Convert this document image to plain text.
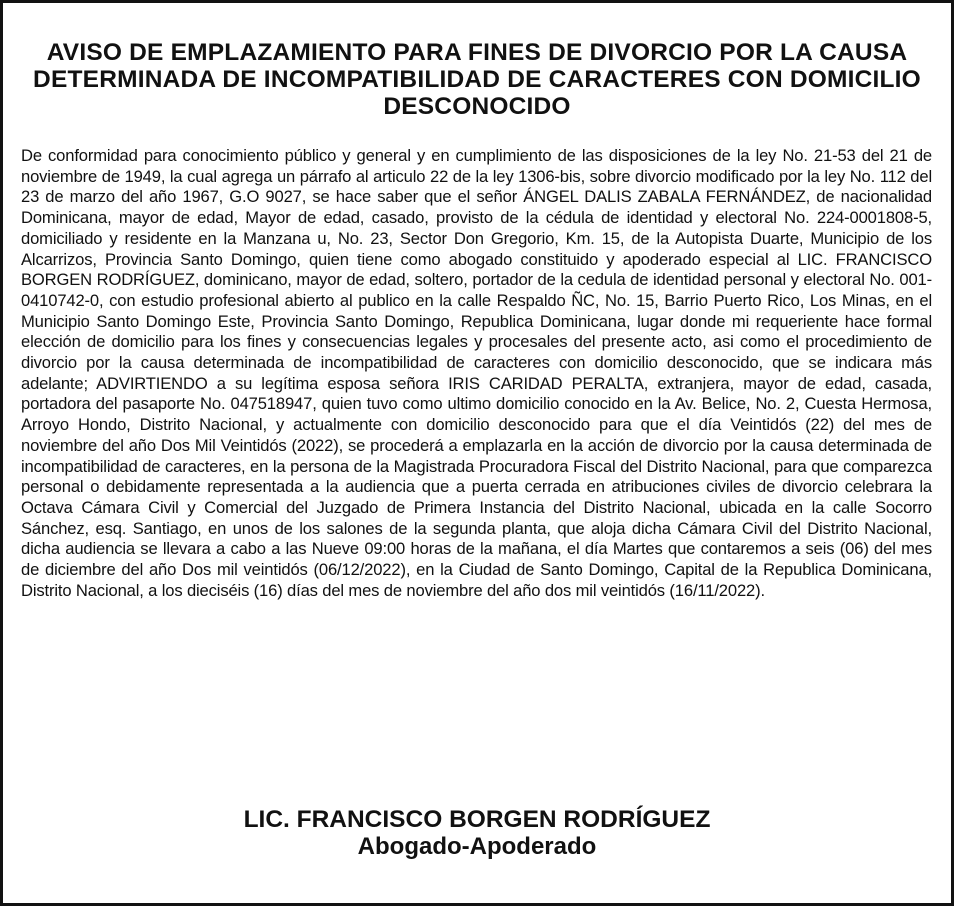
AVISO DE EMPLAZAMIENTO PARA FINES DE DIVORCIO POR LA CAUSA DETERMINADA DE INCOMPATIBILIDAD DE CARACTERES CON DOMICILIO DESCONOCIDO

De conformidad para conocimiento público y general y en cumplimiento de las disposiciones de la ley No. 21-53 del 21 de noviembre de 1949, la cual agrega un párrafo al articulo 22 de la ley 1306-bis, sobre divorcio modificado por la ley No. 112 del 23 de marzo del año 1967, G.O 9027, se hace saber que el señor ÁNGEL DALIS ZABALA FERNÁNDEZ, de nacionalidad Dominicana, mayor de edad, Mayor de edad, casado, provisto de la cédula de identidad y electoral No. 224-0001808-5, domiciliado y residente en la Manzana u, No. 23, Sector Don Gregorio, Km. 15, de la Autopista Duarte, Municipio de los Alcarrizos, Provincia Santo Domingo, quien tiene como abogado constituido y apoderado especial al LIC. FRANCISCO BORGEN RODRÍGUEZ, dominicano, mayor de edad, soltero, portador de la cedula de identidad personal y electoral No. 001-0410742-0, con estudio profesional abierto al publico en la calle Respaldo ÑC, No. 15, Barrio Puerto Rico, Los Minas, en el Municipio Santo Domingo Este, Provincia Santo Domingo, Republica Dominicana, lugar donde mi requeriente hace formal elección de domicilio para los fines y consecuencias legales y procesales del presente acto, asi como el procedimiento de divorcio por la causa determinada de incompatibilidad de caracteres con domicilio desconocido, que se indicara más adelante; ADVIRTIENDO a su legítima esposa señora IRIS CARIDAD PERALTA, extranjera, mayor de edad, casada, portadora del pasaporte No. 047518947, quien tuvo como ultimo domicilio conocido en la Av. Belice, No. 2, Cuesta Hermosa, Arroyo Hondo, Distrito Nacional, y actualmente con domicilio desconocido para que el día Veintidós (22) del mes de noviembre del año Dos Mil Veintidós (2022), se procederá a emplazarla en la acción de divorcio por la causa determinada de incompatibilidad de caracteres, en la persona de la Magistrada Procuradora Fiscal del Distrito Nacional, para que comparezca personal o debidamente representada a la audiencia que a puerta cerrada en atribuciones civiles de divorcio celebrara la Octava Cámara Civil y Comercial del Juzgado de Primera Instancia del Distrito Nacional, ubicada en la calle Socorro Sánchez, esq. Santiago, en unos de los salones de la segunda planta, que aloja dicha Cámara Civil del Distrito Nacional, dicha audiencia se llevara a cabo a las Nueve 09:00 horas de la mañana, el día Martes que contaremos a seis (06) del mes de diciembre del año Dos mil veintidós (06/12/2022), en la Ciudad de Santo Domingo, Capital de la Republica Dominicana, Distrito Nacional, a los dieciséis (16) días del mes de noviembre del año dos mil veintidós (16/11/2022).

LIC. FRANCISCO BORGEN RODRÍGUEZ
Abogado-Apoderado
